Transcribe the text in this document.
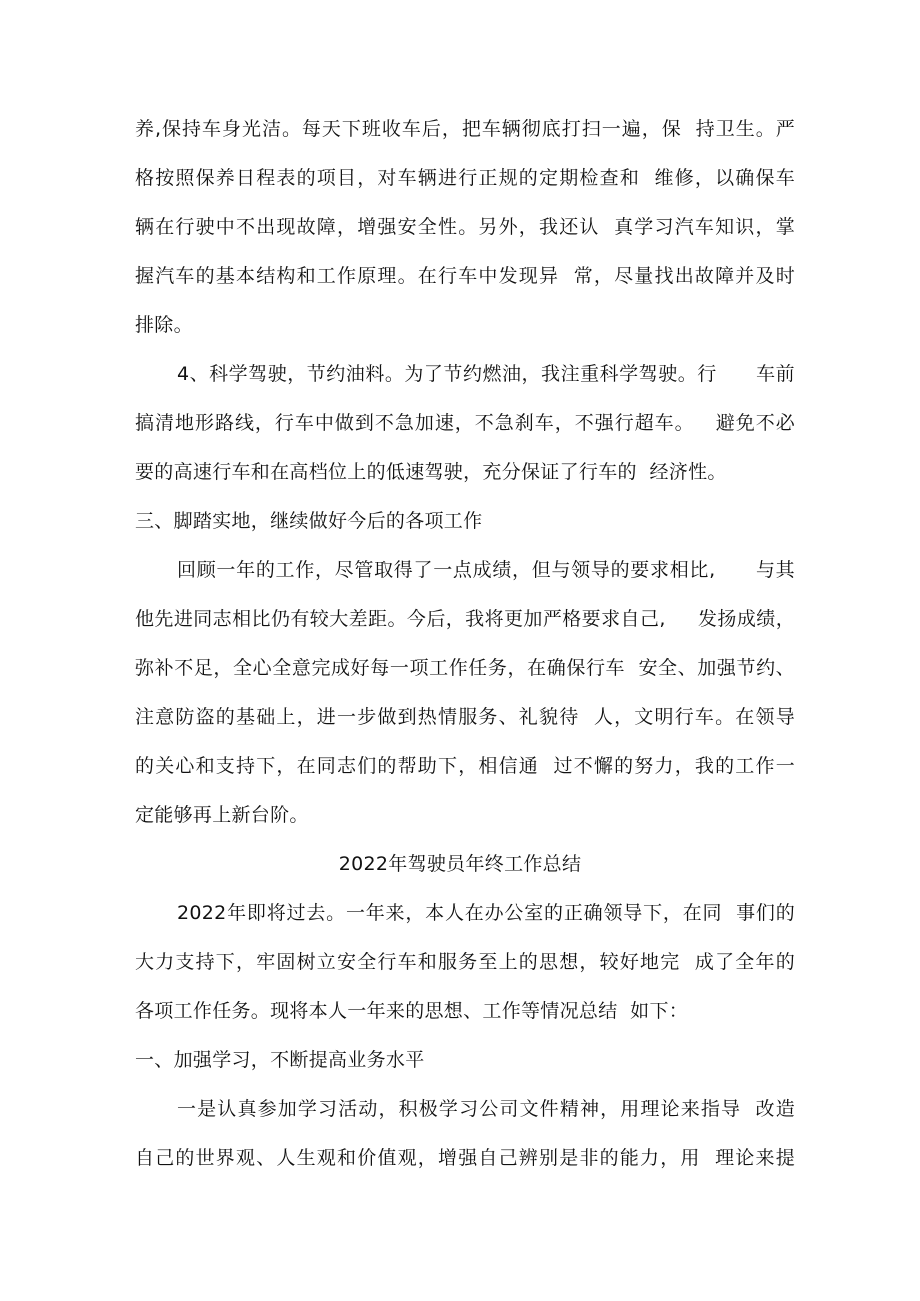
养,保持车身光洁。每天下班收车后，把车辆彻底打扫一遍，保  持卫生。严
格按照保养日程表的项目，对车辆进行正规的定期检查和  维修，以确保车
辆在行驶中不出现故障，增强安全性。另外，我还认  真学习汽车知识，掌
握汽车的基本结构和工作原理。在行车中发现异  常，尽量找出故障并及时
排除。
4、科学驾驶，节约油料。为了节约燃油，我注重科学驾驶。行      车前
搞清地形路线，行车中做到不急加速，不急刹车，不强行超车。   避免不必
要的高速行车和在高档位上的低速驾驶，充分保证了行车的  经济性。
三、脚踏实地，继续做好今后的各项工作
回顾一年的工作，尽管取得了一点成绩，但与领导的要求相比,      与其
他先进同志相比仍有较大差距。今后，我将更加严格要求自己,     发扬成绩，
弥补不足，全心全意完成好每一项工作任务，在确保行车  安全、加强节约、
注意防盗的基础上，进一步做到热情服务、礼貌待  人，文明行车。在领导
的关心和支持下，在同志们的帮助下，相信通  过不懈的努力，我的工作一
定能够再上新台阶。
2022年驾驶员年终工作总结
2022年即将过去。一年来，本人在办公室的正确领导下，在同  事们的
大力支持下，牢固树立安全行车和服务至上的思想，较好地完  成了全年的
各项工作任务。现将本人一年来的思想、工作等情况总结  如下：
一、加强学习，不断提高业务水平
一是认真参加学习活动，积极学习公司文件精神，用理论来指导  改造
自己的世界观、人生观和价值观，增强自己辨别是非的能力，用  理论来提
